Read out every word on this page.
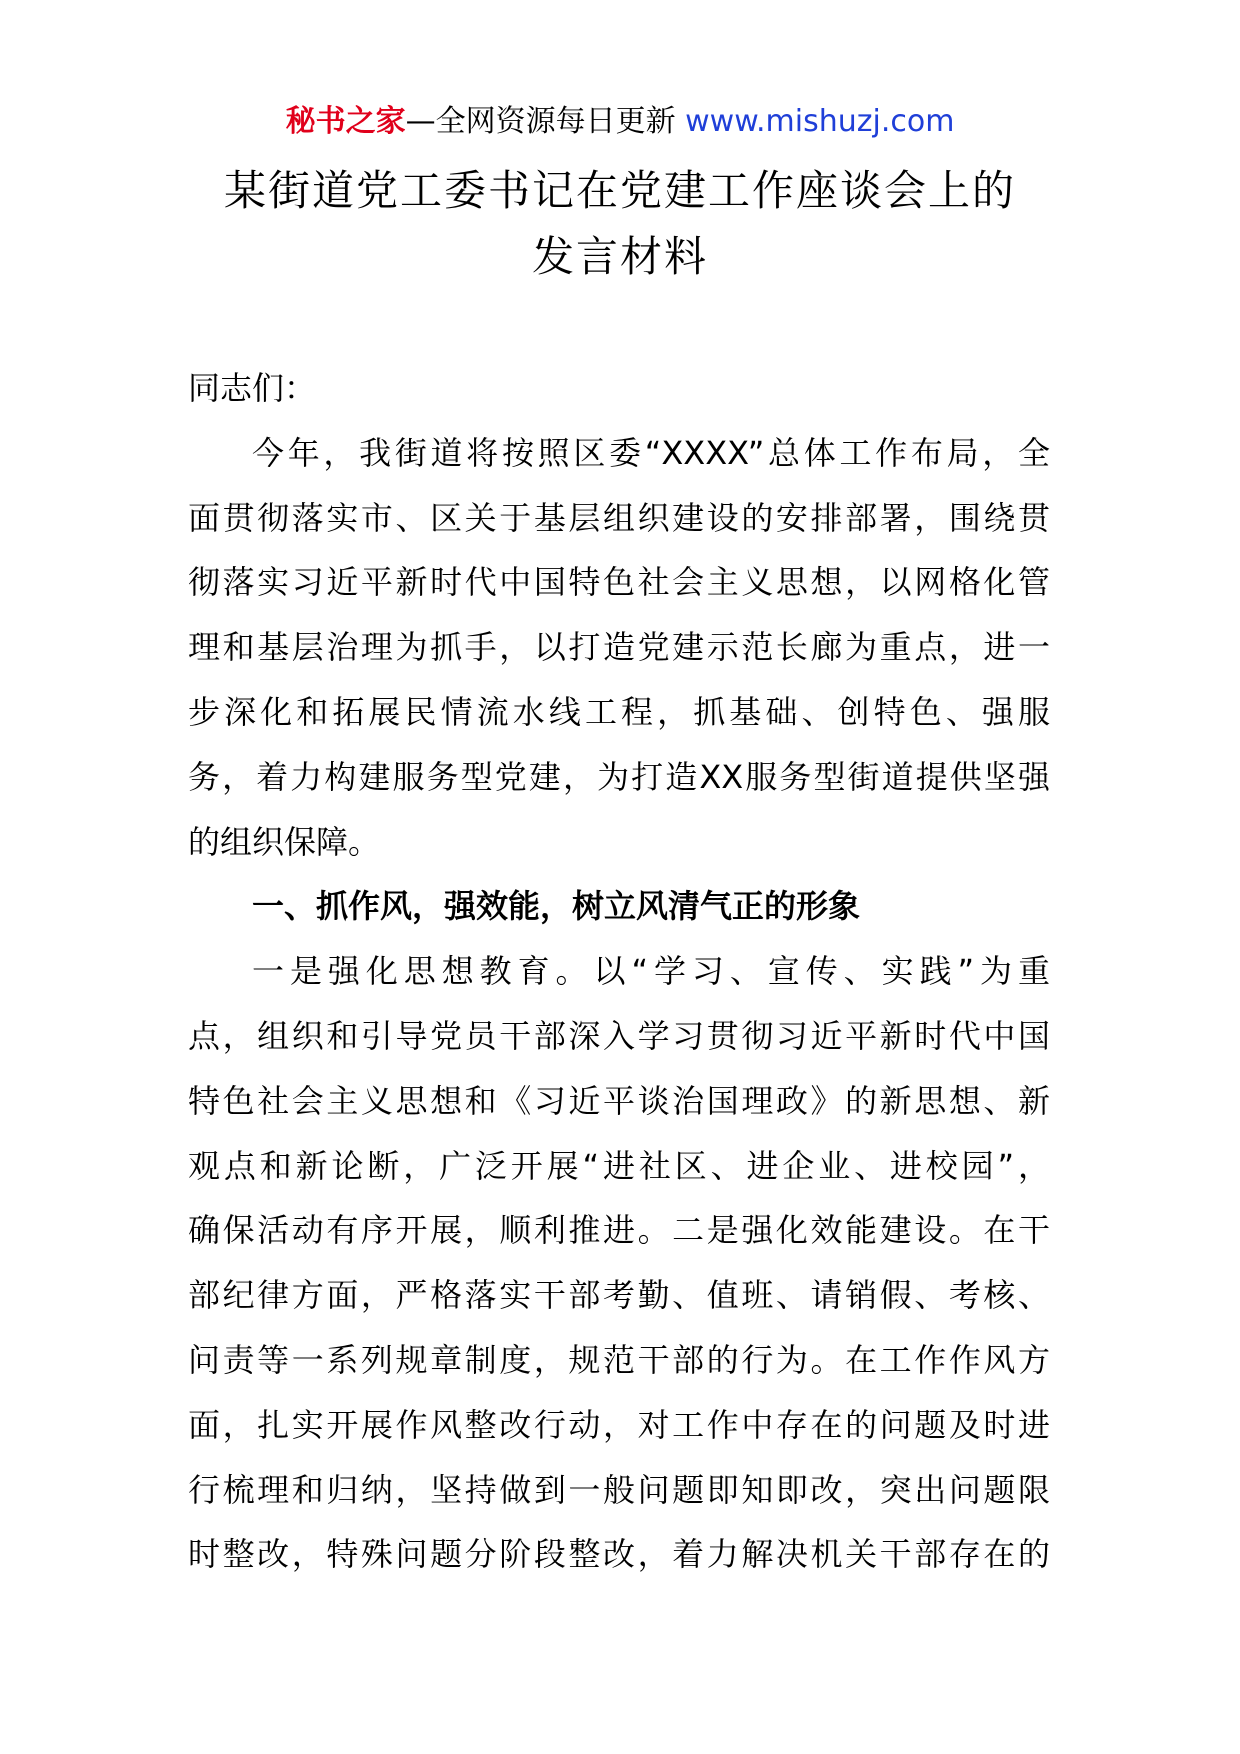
秘书之家—全网资源每日更新 www.mishuzj.com
某街道党工委书记在党建工作座谈会上的
发言材料
同志们：
今年，我街道将按照区委“XXXX”总体工作布局，全
面贯彻落实市、区关于基层组织建设的安排部署，围绕贯
彻落实习近平新时代中国特色社会主义思想，以网格化管
理和基层治理为抓手，以打造党建示范长廊为重点，进一
步深化和拓展民情流水线工程，抓基础、创特色、强服
务，着力构建服务型党建，为打造XX服务型街道提供坚强
的组织保障。
一、抓作风，强效能，树立风清气正的形象
一是强化思想教育。以“学习、宣传、实践”为重
点，组织和引导党员干部深入学习贯彻习近平新时代中国
特色社会主义思想和《习近平谈治国理政》的新思想、新
观点和新论断，广泛开展“进社区、进企业、进校园”，
确保活动有序开展，顺利推进。二是强化效能建设。在干
部纪律方面，严格落实干部考勤、值班、请销假、考核、
问责等一系列规章制度，规范干部的行为。在工作作风方
面，扎实开展作风整改行动，对工作中存在的问题及时进
行梳理和归纳，坚持做到一般问题即知即改，突出问题限
时整改，特殊问题分阶段整改，着力解决机关干部存在的
